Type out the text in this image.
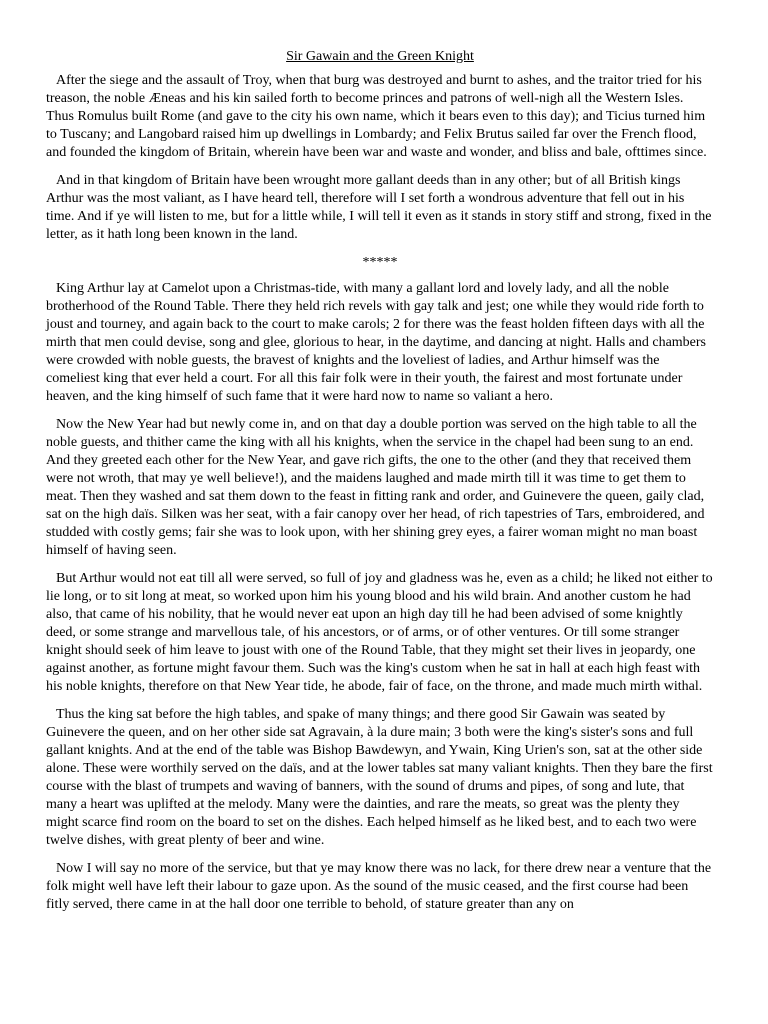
Sir Gawain and the Green Knight

After the siege and the assault of Troy, when that burg was destroyed and burnt to ashes, and the traitor tried for his treason, the noble Æneas and his kin sailed forth to become princes and patrons of well-nigh all the Western Isles. Thus Romulus built Rome (and gave to the city his own name, which it bears even to this day); and Ticius turned him to Tuscany; and Langobard raised him up dwellings in Lombardy; and Felix Brutus sailed far over the French flood, and founded the kingdom of Britain, wherein have been war and waste and wonder, and bliss and bale, ofttimes since.

And in that kingdom of Britain have been wrought more gallant deeds than in any other; but of all British kings Arthur was the most valiant, as I have heard tell, therefore will I set forth a wondrous adventure that fell out in his time. And if ye will listen to me, but for a little while, I will tell it even as it stands in story stiff and strong, fixed in the letter, as it hath long been known in the land.

*****

King Arthur lay at Camelot upon a Christmas-tide, with many a gallant lord and lovely lady, and all the noble brotherhood of the Round Table. There they held rich revels with gay talk and jest; one while they would ride forth to joust and tourney, and again back to the court to make carols; 2 for there was the feast holden fifteen days with all the mirth that men could devise, song and glee, glorious to hear, in the daytime, and dancing at night. Halls and chambers were crowded with noble guests, the bravest of knights and the loveliest of ladies, and Arthur himself was the comeliest king that ever held a court. For all this fair folk were in their youth, the fairest and most fortunate under heaven, and the king himself of such fame that it were hard now to name so valiant a hero.

Now the New Year had but newly come in, and on that day a double portion was served on the high table to all the noble guests, and thither came the king with all his knights, when the service in the chapel had been sung to an end. And they greeted each other for the New Year, and gave rich gifts, the one to the other (and they that received them were not wroth, that may ye well believe!), and the maidens laughed and made mirth till it was time to get them to meat. Then they washed and sat them down to the feast in fitting rank and order, and Guinevere the queen, gaily clad, sat on the high daïs. Silken was her seat, with a fair canopy over her head, of rich tapestries of Tars, embroidered, and studded with costly gems; fair she was to look upon, with her shining grey eyes, a fairer woman might no man boast himself of having seen.

But Arthur would not eat till all were served, so full of joy and gladness was he, even as a child; he liked not either to lie long, or to sit long at meat, so worked upon him his young blood and his wild brain. And another custom he had also, that came of his nobility, that he would never eat upon an high day till he had been advised of some knightly deed, or some strange and marvellous tale, of his ancestors, or of arms, or of other ventures. Or till some stranger knight should seek of him leave to joust with one of the Round Table, that they might set their lives in jeopardy, one against another, as fortune might favour them. Such was the king's custom when he sat in hall at each high feast with his noble knights, therefore on that New Year tide, he abode, fair of face, on the throne, and made much mirth withal.

Thus the king sat before the high tables, and spake of many things; and there good Sir Gawain was seated by Guinevere the queen, and on her other side sat Agravain, à la dure main; 3 both were the king's sister's sons and full gallant knights. And at the end of the table was Bishop Bawdewyn, and Ywain, King Urien's son, sat at the other side alone. These were worthily served on the daïs, and at the lower tables sat many valiant knights. Then they bare the first course with the blast of trumpets and waving of banners, with the sound of drums and pipes, of song and lute, that many a heart was uplifted at the melody. Many were the dainties, and rare the meats, so great was the plenty they might scarce find room on the board to set on the dishes. Each helped himself as he liked best, and to each two were twelve dishes, with great plenty of beer and wine.

Now I will say no more of the service, but that ye may know there was no lack, for there drew near a venture that the folk might well have left their labour to gaze upon. As the sound of the music ceased, and the first course had been fitly served, there came in at the hall door one terrible to behold, of stature greater than any on
